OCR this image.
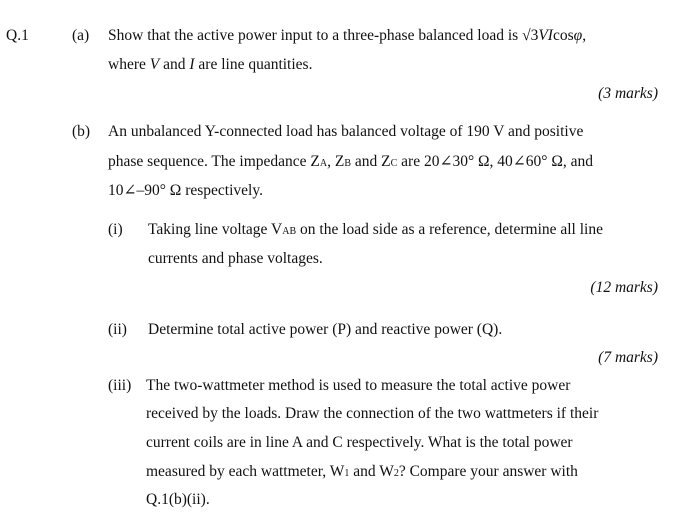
Q.1	(a) Show that the active power input to a three-phase balanced load is √3VIcosφ,
where V and I are line quantities.
(3 marks)
(b) An unbalanced Y-connected load has balanced voltage of 190 V and positive
phase sequence. The impedance ZA, ZB and ZC are 20∠30° Ω, 40∠60° Ω, and
10∠–90° Ω respectively.
(i) Taking line voltage VAB on the load side as a reference, determine all line
currents and phase voltages.
(12 marks)
(ii) Determine total active power (P) and reactive power (Q).
(7 marks)
(iii) The two-wattmeter method is used to measure the total active power
received by the loads. Draw the connection of the two wattmeters if their
current coils are in line A and C respectively. What is the total power
measured by each wattmeter, W1 and W2? Compare your answer with
Q.1(b)(ii).
